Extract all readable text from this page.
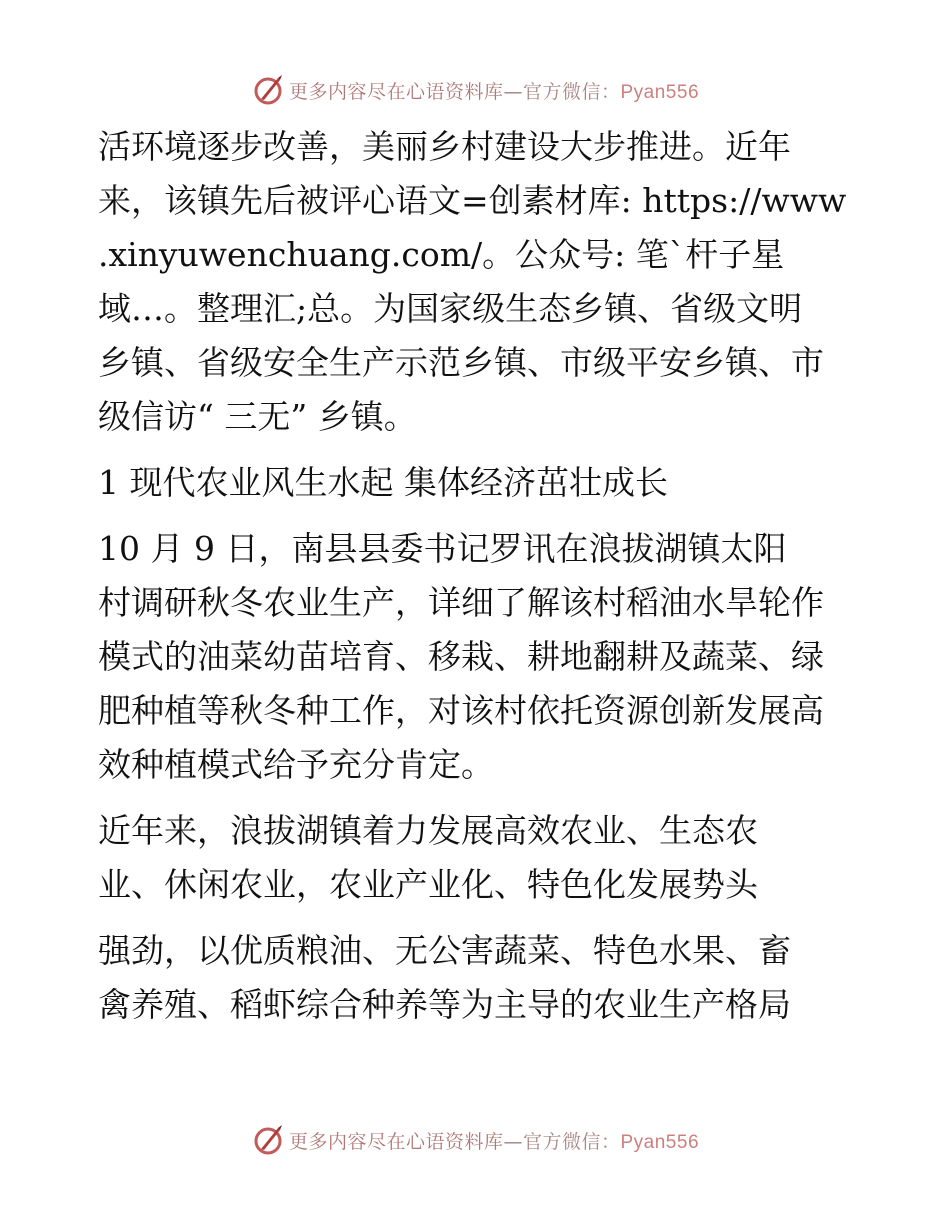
更多内容尽在心语资料库—官方微信：Pyan556
活环境逐步改善，美丽乡村建设大步推进。近年
来，该镇先后被评心语文=创素材库: https://www
.xinyuwenchuang.com/。公众号: 笔`杆子星
域…。整理汇;总。为国家级生态乡镇、省级文明
乡镇、省级安全生产示范乡镇、市级平安乡镇、市
级信访“ 三无” 乡镇。
1 现代农业风生水起 集体经济茁壮成长
10 月 9 日，南县县委书记罗讯在浪拔湖镇太阳
村调研秋冬农业生产，详细了解该村稻油水旱轮作
模式的油菜幼苗培育、移栽、耕地翻耕及蔬菜、绿
肥种植等秋冬种工作，对该村依托资源创新发展高
效种植模式给予充分肯定。
近年来，浪拔湖镇着力发展高效农业、生态农
业、休闲农业，农业产业化、特色化发展势头
强劲，以优质粮油、无公害蔬菜、特色水果、畜
禽养殖、稻虾综合种养等为主导的农业生产格局
更多内容尽在心语资料库—官方微信：Pyan556
